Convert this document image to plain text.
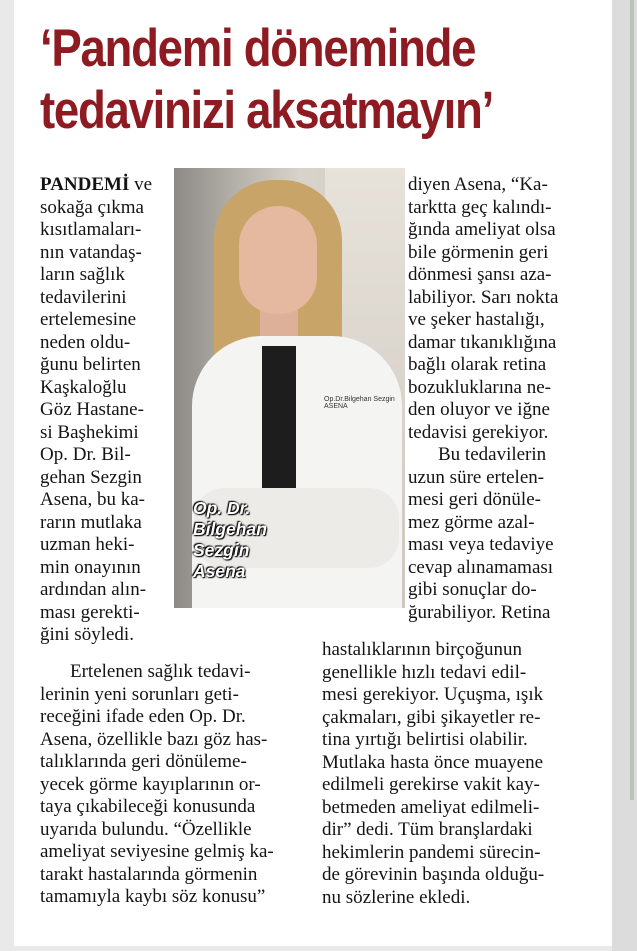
‘Pandemi döneminde
tedavinizi aksatmayın’
PANDEMİ ve
sokağa çıkma
kısıtlamaları-
nın vatandaş-
ların sağlık
tedavilerini
ertelemesine
neden oldu-
ğunu belirten
Kaşkaloğlu
Göz Hastane-
si Başhekimi
Op. Dr. Bil-
gehan Sezgin
Asena, bu ka-
rarın mutlaka
uzman heki-
min onayının
ardından alın-
ması gerekti-
ğini söyledi.
Op.Dr.Bilgehan Sezgin ASENA
Op. Dr.
Bilgehan
Sezgin
Asena
diyen Asena, “Ka-
tarktta geç kalındı-
ğında ameliyat olsa
bile görmenin geri
dönmesi şansı aza-
labiliyor. Sarı nokta
ve şeker hastalığı,
damar tıkanıklığına
bağlı olarak retina
bozukluklarına ne-
den oluyor ve iğne
tedavisi gerekiyor.
Bu tedavilerin
uzun süre ertelen-
mesi geri dönüle-
mez görme azal-
ması veya tedaviye
cevap alınamaması
gibi sonuçlar do-
ğurabiliyor. Retina
Ertelenen sağlık tedavi-
lerinin yeni sorunları geti-
receğini ifade eden Op. Dr.
Asena, özellikle bazı göz has-
talıklarında geri dönüleme-
yecek görme kayıplarının or-
taya çıkabileceği konusunda
uyarıda bulundu. “Özellikle
ameliyat seviyesine gelmiş ka-
tarakt hastalarında görmenin
tamamıyla kaybı söz konusu”
hastalıklarının birçoğunun
genellikle hızlı tedavi edil-
mesi gerekiyor. Uçuşma, ışık
çakmaları, gibi şikayetler re-
tina yırtığı belirtisi olabilir.
Mutlaka hasta önce muayene
edilmeli gerekirse vakit kay-
betmeden ameliyat edilmeli-
dir” dedi. Tüm branşlardaki
hekimlerin pandemi sürecin-
de görevinin başında olduğu-
nu sözlerine ekledi.
